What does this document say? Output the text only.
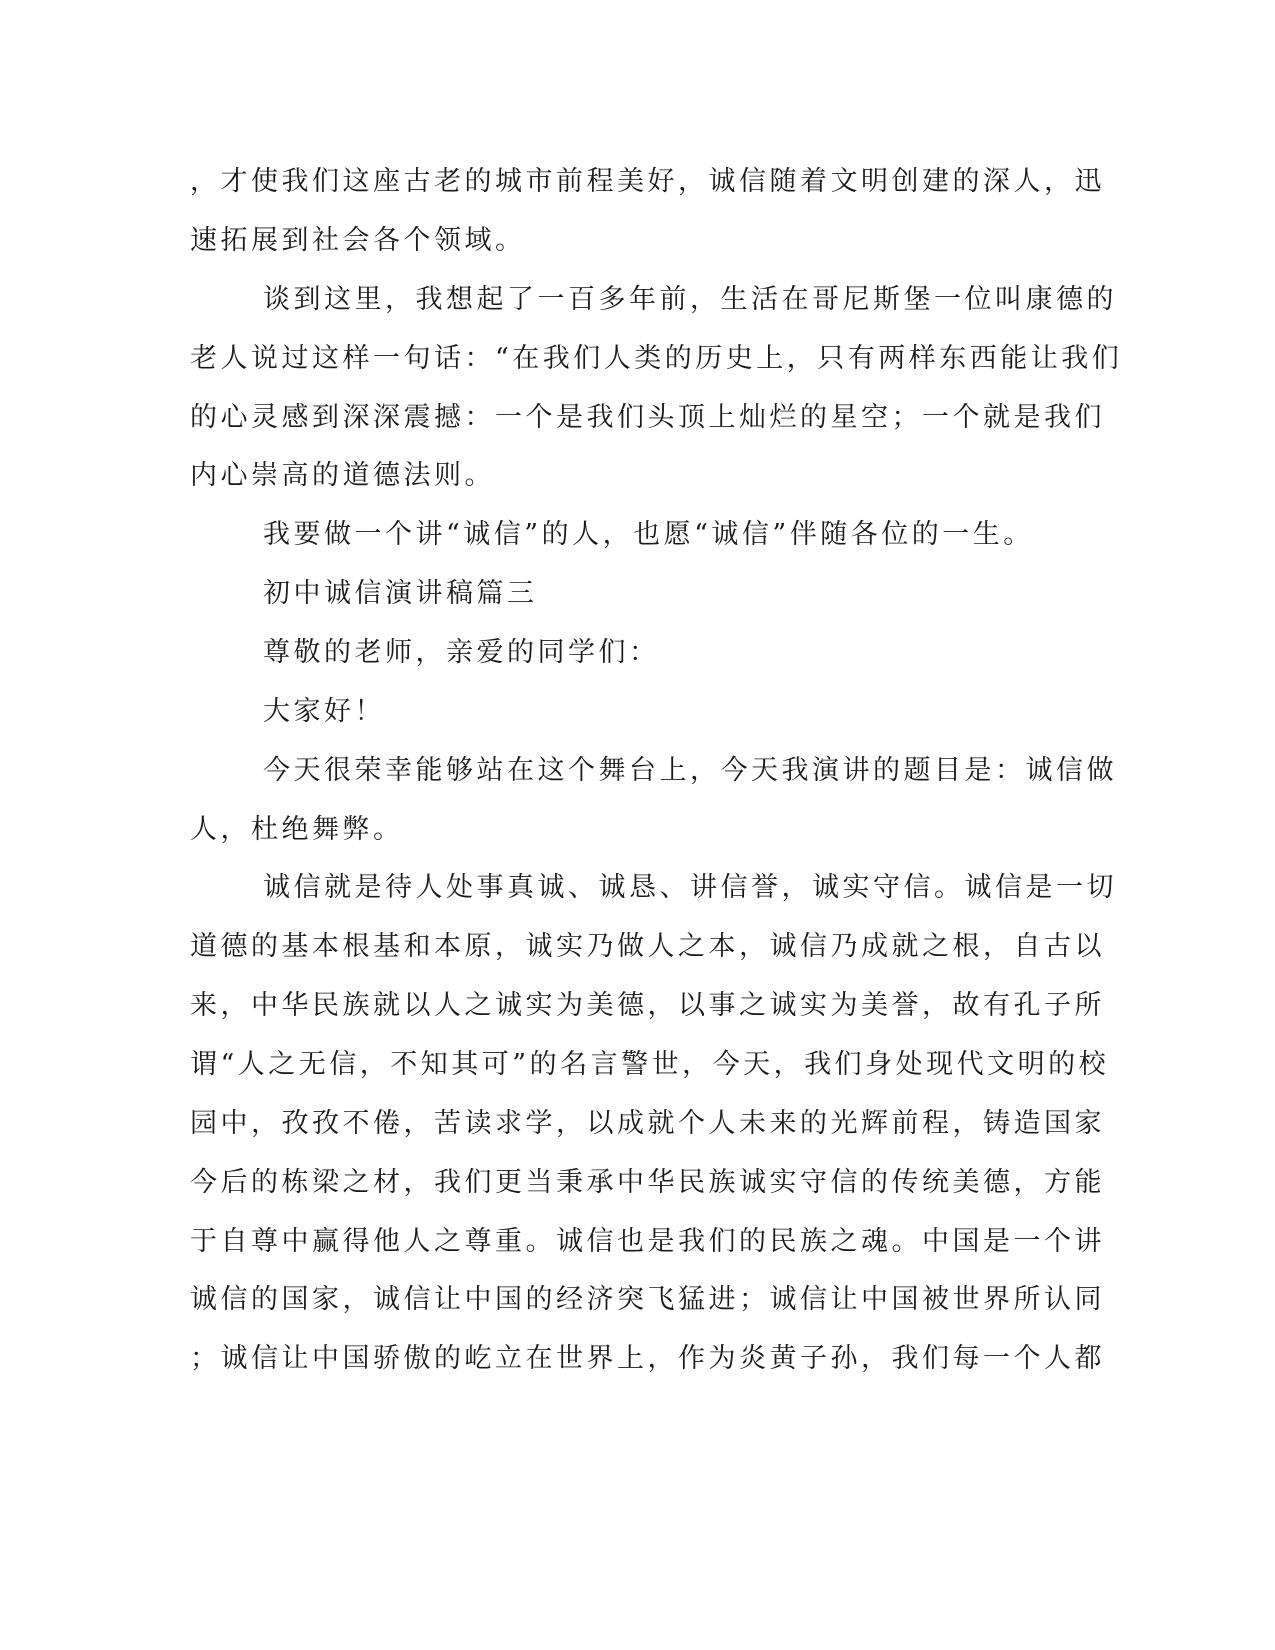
，才使我们这座古老的城市前程美好，诚信随着文明创建的深人，迅
速拓展到社会各个领域。
谈到这里，我想起了一百多年前，生活在哥尼斯堡一位叫康德的
老人说过这样一句话：“在我们人类的历史上，只有两样东西能让我们
的心灵感到深深震撼：一个是我们头顶上灿烂的星空；一个就是我们
内心崇高的道德法则。
我要做一个讲“诚信”的人，也愿“诚信”伴随各位的一生。
初中诚信演讲稿篇三
尊敬的老师，亲爱的同学们：
大家好！
今天很荣幸能够站在这个舞台上，今天我演讲的题目是：诚信做
人，杜绝舞弊。
诚信就是待人处事真诚、诚恳、讲信誉，诚实守信。诚信是一切
道德的基本根基和本原，诚实乃做人之本，诚信乃成就之根，自古以
来，中华民族就以人之诚实为美德，以事之诚实为美誉，故有孔子所
谓“人之无信，不知其可”的名言警世，今天，我们身处现代文明的校
园中，孜孜不倦，苦读求学，以成就个人未来的光辉前程，铸造国家
今后的栋梁之材，我们更当秉承中华民族诚实守信的传统美德，方能
于自尊中赢得他人之尊重。诚信也是我们的民族之魂。中国是一个讲
诚信的国家，诚信让中国的经济突飞猛进；诚信让中国被世界所认同
；诚信让中国骄傲的屹立在世界上，作为炎黄子孙，我们每一个人都
